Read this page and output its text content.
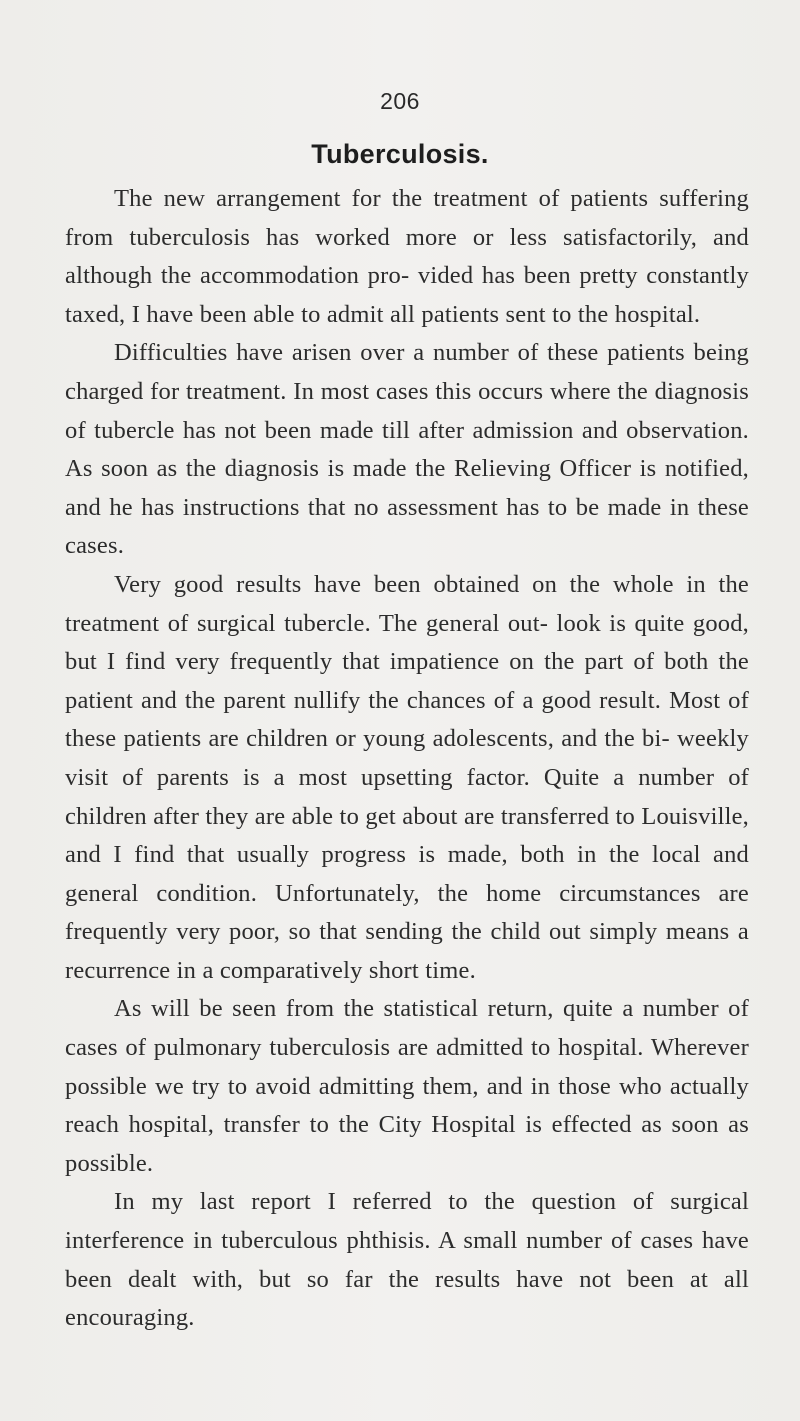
206
Tuberculosis.

The new arrangement for the treatment of patients suffering from tuberculosis has worked more or less satisfactorily, and although the accommodation pro- vided has been pretty constantly taxed, I have been able to admit all patients sent to the hospital.

Difficulties have arisen over a number of these patients being charged for treatment. In most cases this occurs where the diagnosis of tubercle has not been made till after admission and observation. As soon as the diagnosis is made the Relieving Officer is notified, and he has instructions that no assessment has to be made in these cases.

Very good results have been obtained on the whole in the treatment of surgical tubercle. The general out- look is quite good, but I find very frequently that impatience on the part of both the patient and the parent nullify the chances of a good result. Most of these patients are children or young adolescents, and the bi- weekly visit of parents is a most upsetting factor. Quite a number of children after they are able to get about are transferred to Louisville, and I find that usually progress is made, both in the local and general condition. Unfortunately, the home circumstances are frequently very poor, so that sending the child out simply means a recurrence in a comparatively short time.

As will be seen from the statistical return, quite a number of cases of pulmonary tuberculosis are admitted to hospital. Wherever possible we try to avoid admitting them, and in those who actually reach hospital, transfer to the City Hospital is effected as soon as possible.

In my last report I referred to the question of surgical interference in tuberculous phthisis. A small number of cases have been dealt with, but so far the results have not been at all encouraging.
